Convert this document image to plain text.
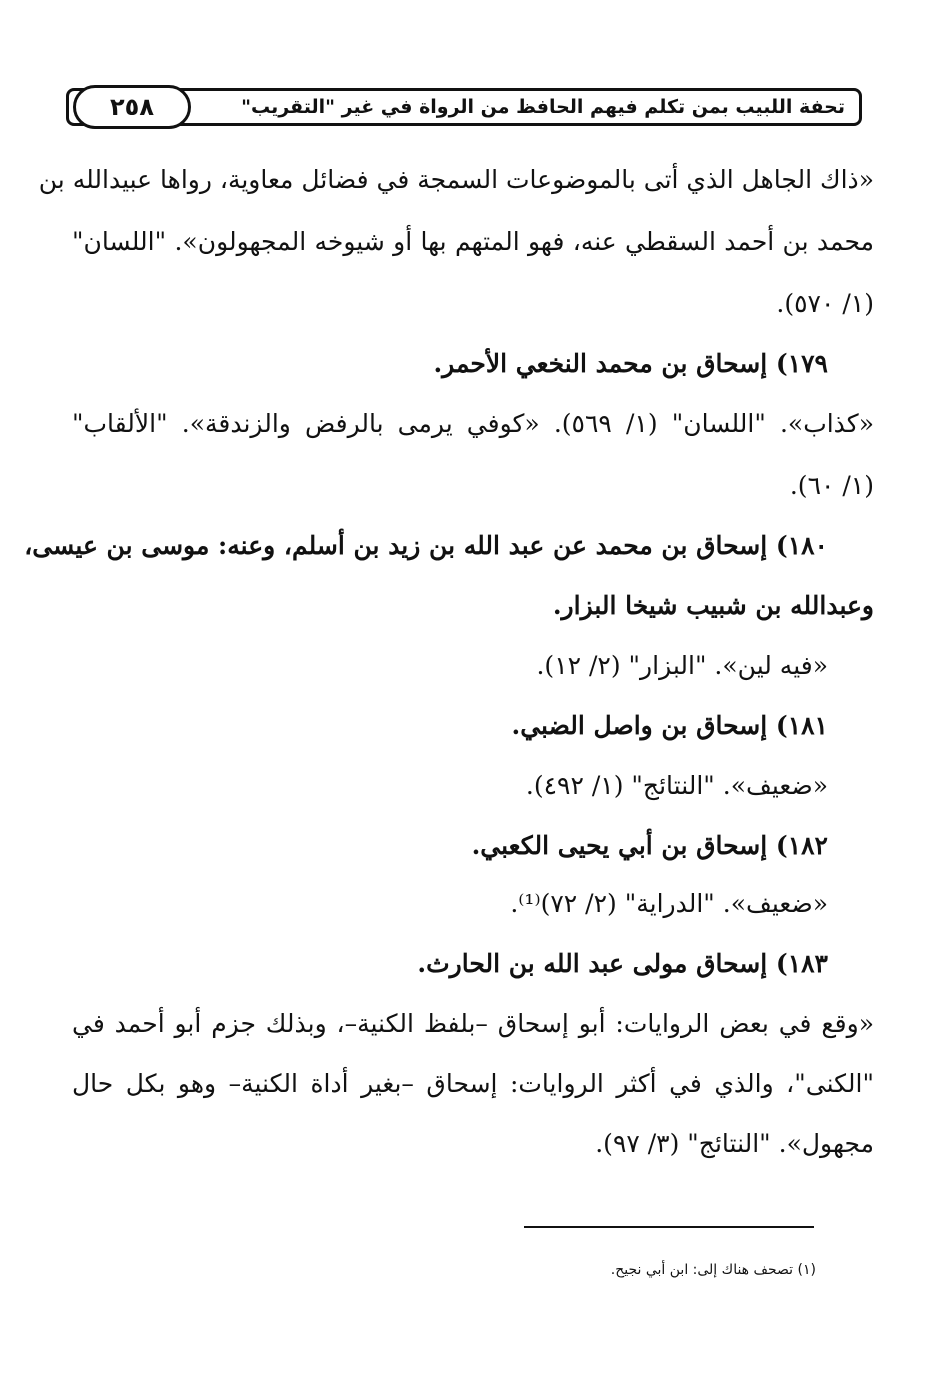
٢٥٨	تحفة اللبيب بمن تكلم فيهم الحافظ من الرواة في غير "التقريب"
«ذاك الجاهل الذي أتى بالموضوعات السمجة في فضائل معاوية، رواها عبيدالله بن
محمد بن أحمد السقطي عنه، فهو المتهم بها أو شيوخه المجهولون». "اللسان"
(١/ ٥٧٠).
١٧٩) إسحاق بن محمد النخعي الأحمر.
«كذاب». "اللسان" (١/ ٥٦٩). «كوفي يرمى بالرفض والزندقة». "الألقاب"
(١/ ٦٠).
١٨٠) إسحاق بن محمد عن عبد الله بن زيد بن أسلم، وعنه: موسى بن عيسى،
وعبدالله بن شبيب شيخا البزار.
«فيه لين». "البزار" (٢/ ١٢).
١٨١) إسحاق بن واصل الضبي.
«ضعيف». "النتائج" (١/ ٤٩٢).
١٨٢) إسحاق بن أبي يحيى الكعبي.
«ضعيف». "الدراية" (٢/ ٧٢)⁽¹⁾.
١٨٣) إسحاق مولى عبد الله بن الحارث.
«وقع في بعض الروايات: أبو إسحاق –بلفظ الكنية–، وبذلك جزم أبو أحمد في
"الكنى"، والذي في أكثر الروايات: إسحاق –بغير أداة الكنية– وهو بكل حال
مجهول». "النتائج" (٣/ ٩٧).
(١) تصحف هناك إلى: ابن أبي نجيح.
